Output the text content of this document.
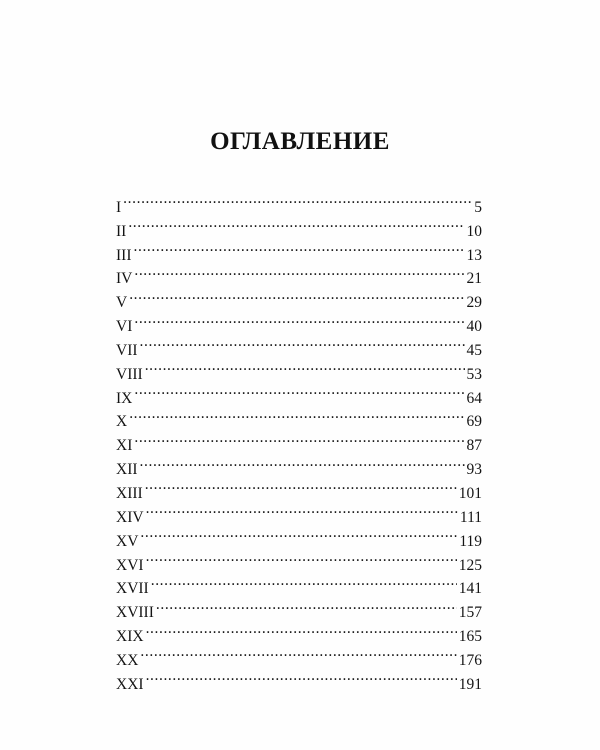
ОГЛАВЛЕНИЕ
I .....	5
II .....	10
III .....	13
IV .....	21
V .....	29
VI .....	40
VII .....	45
VIII .....	53
IX .....	64
X .....	69
XI .....	87
XII .....	93
XIII .....	101
XIV .....	111
XV .....	119
XVI .....	125
XVII .....	141
XVIII .....	157
XIX .....	165
XX .....	176
XXI .....	191
